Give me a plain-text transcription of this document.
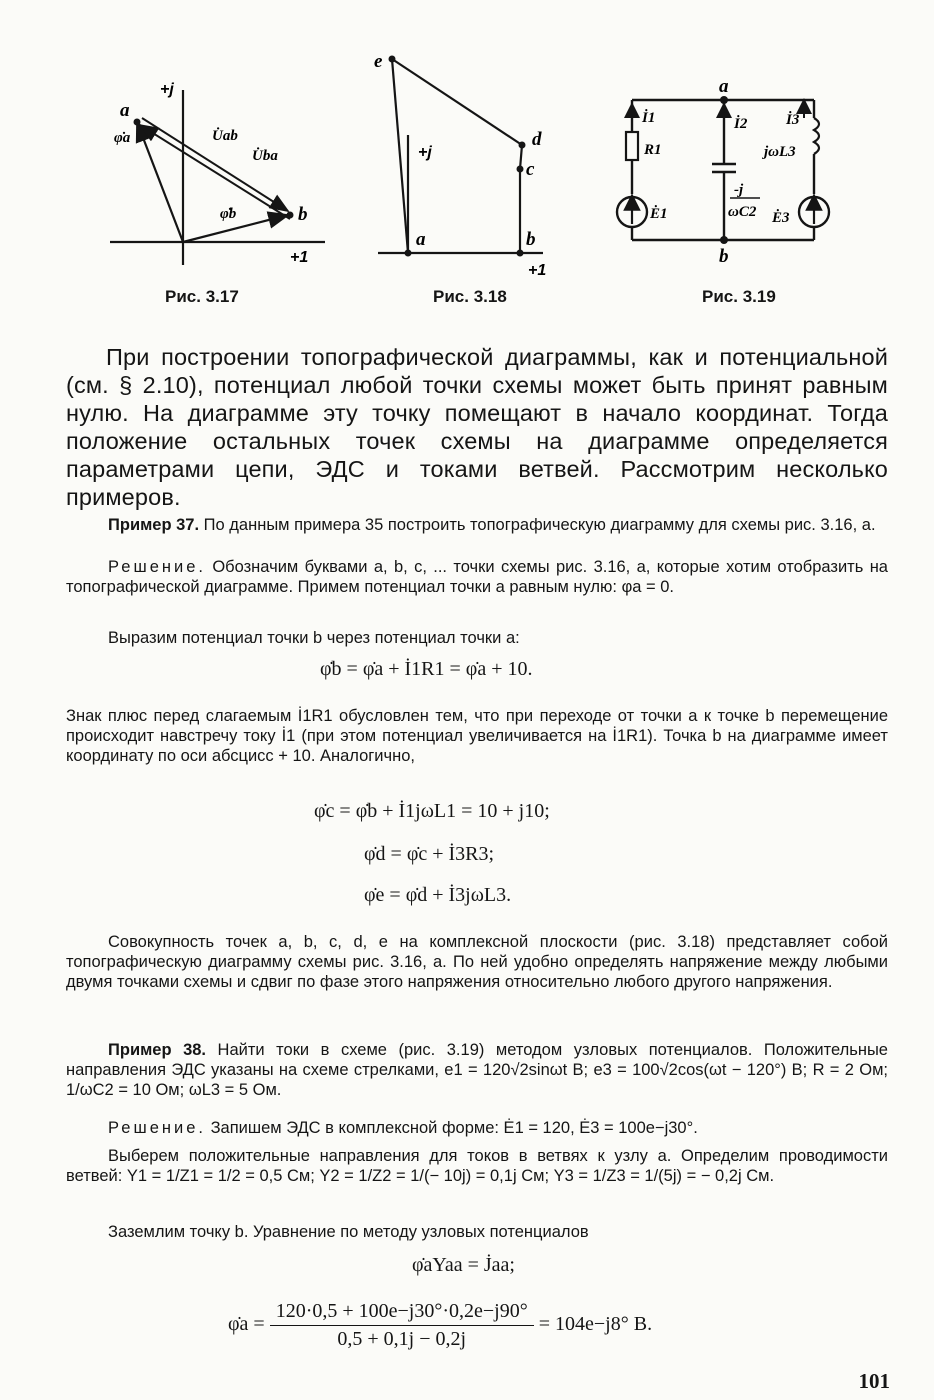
a
b
φ̇a
φ̇b
U̇ab
U̇ba
+j
+1
Рис. 3.17
e
d
c
a	b
+j
+1
Рис. 3.18
a
b
İ1	İ2	İ3
R1
Ė1	Ė3
jωL3
-j
ωC2
Рис. 3.19
При построении топографической диаграммы, как и потенциальной (см. § 2.10), потенциал любой точки схемы может быть принят равным нулю. На диаграмме эту точку помещают в начало координат. Тогда положение остальных точек схемы на диаграмме определяется параметрами цепи, ЭДС и токами ветвей. Рассмотрим несколько примеров.
Пример 37. По данным примера 35 построить топографическую диаграмму для схемы рис. 3.16, а.
Решение. Обозначим буквами а, b, c, ... точки схемы рис. 3.16, а, которые хотим отобразить на топографической диаграмме. Примем потенциал точки а равным нулю: φa = 0.
Выразим потенциал точки b через потенциал точки а:
φ̇b = φ̇a + İ1R1 = φ̇a + 10.
Знак плюс перед слагаемым İ1R1 обусловлен тем, что при переходе от точки а к точке b перемещение происходит навстречу току İ1 (при этом потенциал увеличивается на İ1R1). Точка b на диаграмме имеет координату по оси абсцисс + 10. Аналогично,
φ̇c = φ̇b + İ1jωL1 = 10 + j10;
φ̇d = φ̇c + İ3R3;
φ̇e = φ̇d + İ3jωL3.
Совокупность точек а, b, c, d, e на комплексной плоскости (рис. 3.18) представляет собой топографическую диаграмму схемы рис. 3.16, а. По ней удобно определять напряжение между любыми двумя точками схемы и сдвиг по фазе этого напряжения относительно любого другого напряжения.
Пример 38. Найти токи в схеме (рис. 3.19) методом узловых потенциалов. Положительные направления ЭДС указаны на схеме стрелками, e1 = 120√2sinωt В; e3 = 100√2cos(ωt − 120°) В; R = 2 Ом; 1/ωC2 = 10 Ом; ωL3 = 5 Ом.
Решение. Запишем ЭДС в комплексной форме: Ė1 = 120, Ė3 = 100e−j30°.
Выберем положительные направления для токов в ветвях к узлу а. Определим проводимости ветвей: Y1 = 1/Z1 = 1/2 = 0,5 См; Y2 = 1/Z2 = 1/(− 10j) = 0,1j См; Y3 = 1/Z3 = 1/(5j) = − 0,2j См.
Заземлим точку b. Уравнение по методу узловых потенциалов
φ̇aYaa = J̇aa;
φ̇a = $\frac{120\cdot 0,5 + 100e-j30^\circ\cdot 0,2e-j90^\circ}{0,5 + 0,1j - 0,2j} = 104e-j8^\circ$ В.
101
